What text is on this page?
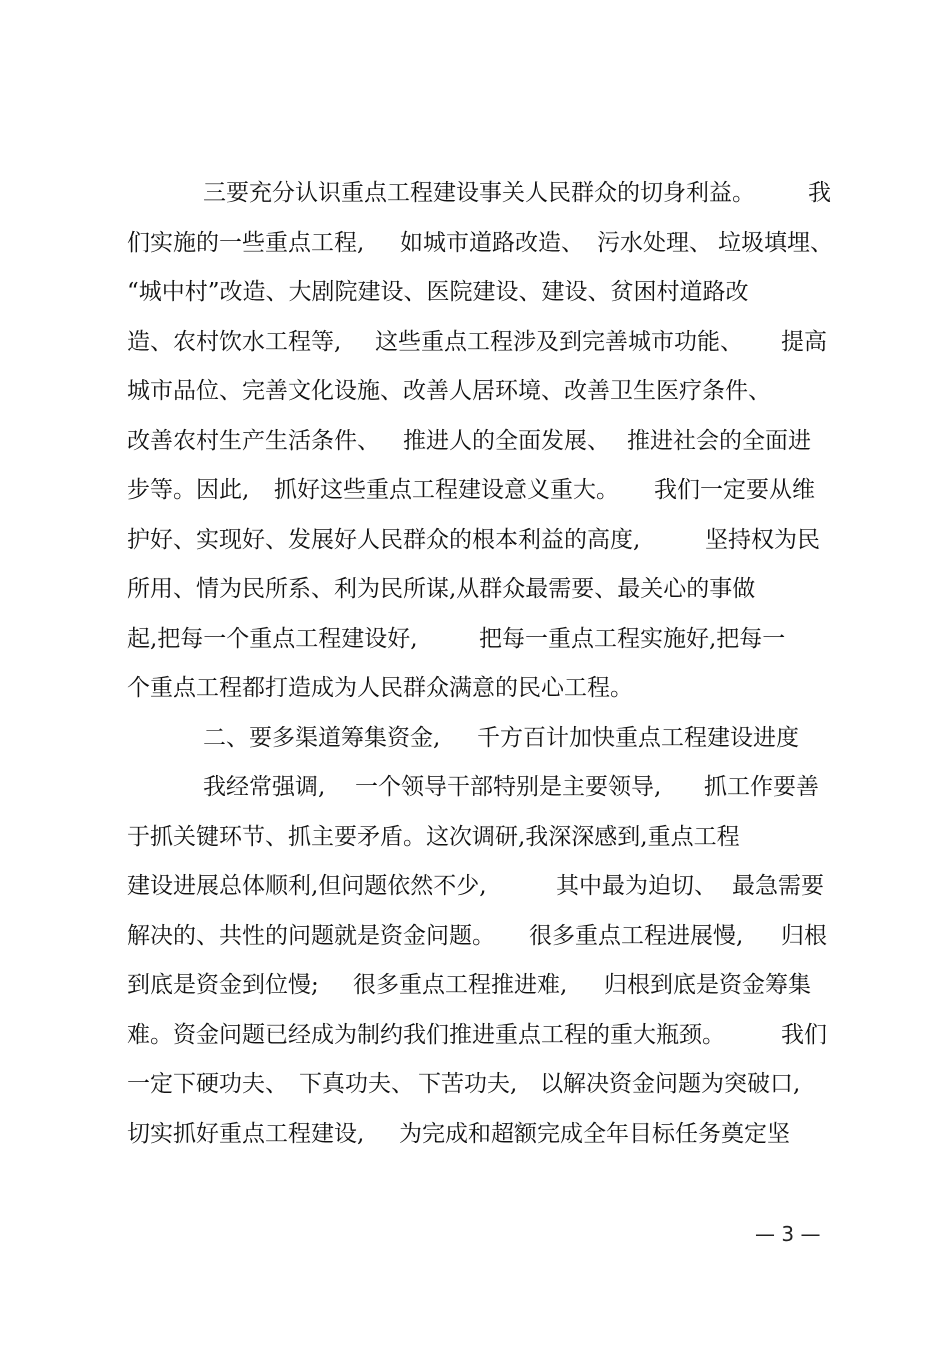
三要充分认识重点工程建设事关人民群众的切身利益。

我

们实施的一些重点工程,

如城市道路改造、

污水处理、

垃圾填埋、

“城中村”改造、大剧院建设、医院建设、建设、贫困村道路改

造、农村饮水工程等,

这些重点工程涉及到完善城市功能、

提高

城市品位、完善文化设施、改善人居环境、改善卫生医疗条件、

改善农村生产生活条件、

推进人的全面发展、

推进社会的全面进

步等。因此,

抓好这些重点工程建设意义重大。

我们一定要从维

护好、实现好、发展好人民群众的根本利益的高度,

	坚持权为民

所用、情为民所系、利为民所谋,从群众最需要、最关心的事做

起,把每一个重点工程建设好,

	把每一重点工程实施好,把每一

个重点工程都打造成为人民群众满意的民心工程。

二、要多渠道筹集资金,

千方百计加快重点工程建设进度

我经常强调,

一个领导干部特别是主要领导,

抓工作要善

于抓关键环节、抓主要矛盾。这次调研,我深深感到,重点工程

建设进展总体顺利,但问题依然不少,

	其中最为迫切、

最急需要

解决的、共性的问题就是资金问题。

很多重点工程进展慢,

归根

到底是资金到位慢;

很多重点工程推进难,

归根到底是资金筹集

难。资金问题已经成为制约我们推进重点工程的重大瓶颈。

我们

一定下硬功夫、

下真功夫、

下苦功夫,

以解决资金问题为突破口,

切实抓好重点工程建设,

为完成和超额完成全年目标任务奠定坚

— 3 —
